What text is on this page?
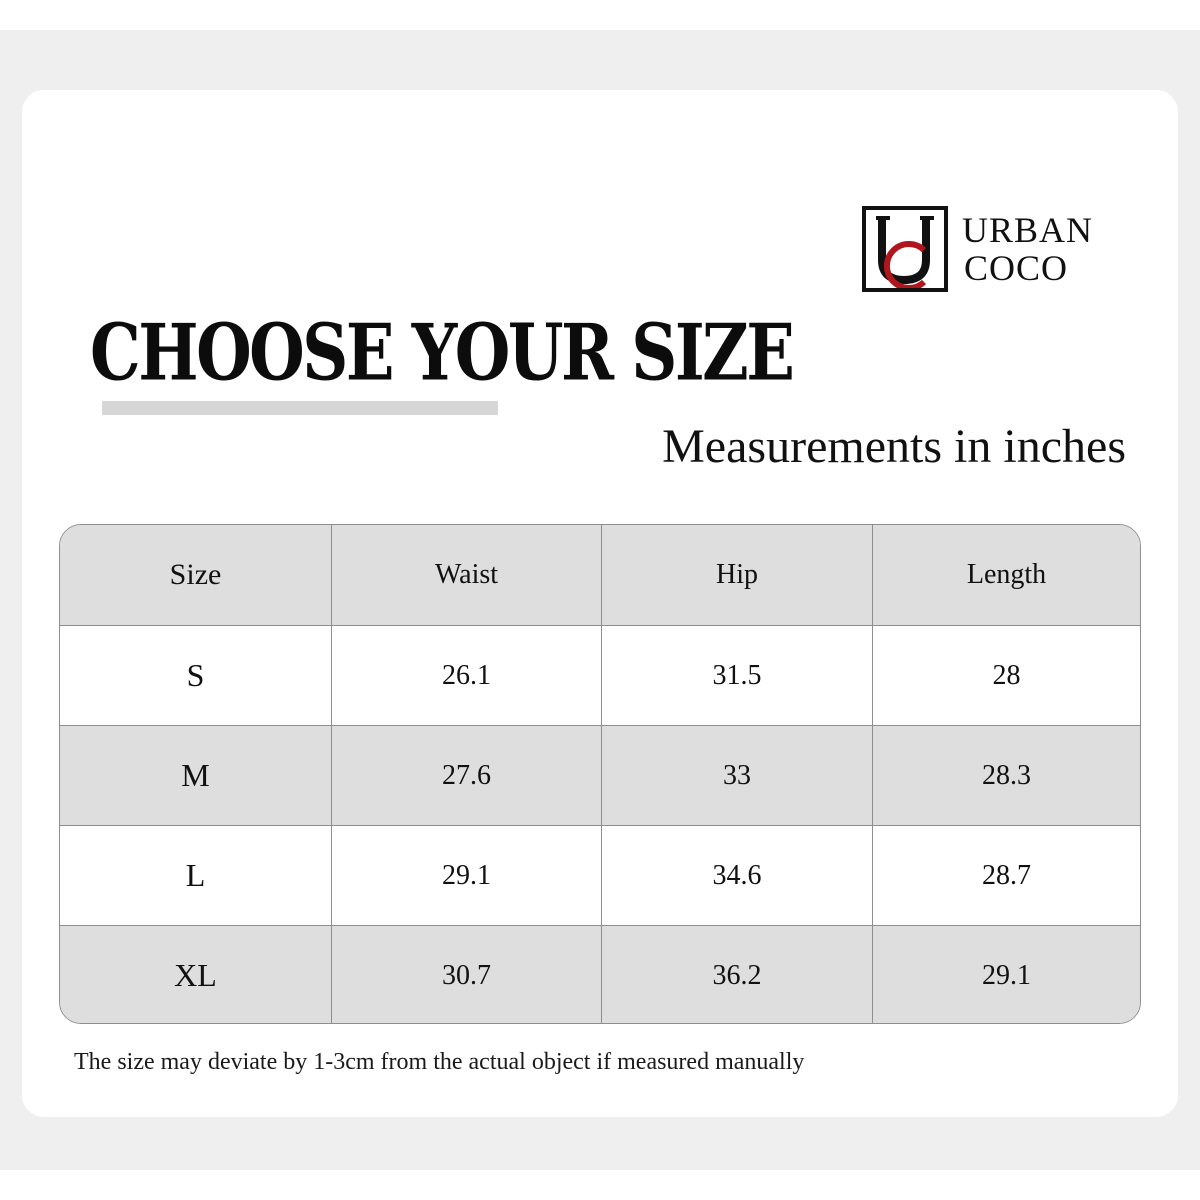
URBAN
COCO
CHOOSE YOUR SIZE
Measurements in inches
Size	Waist	Hip	Length
S	26.1	31.5	28
M	27.6	33	28.3
L	29.1	34.6	28.7
XL	30.7	36.2	29.1

The size may deviate by 1-3cm from the actual object if measured manually
